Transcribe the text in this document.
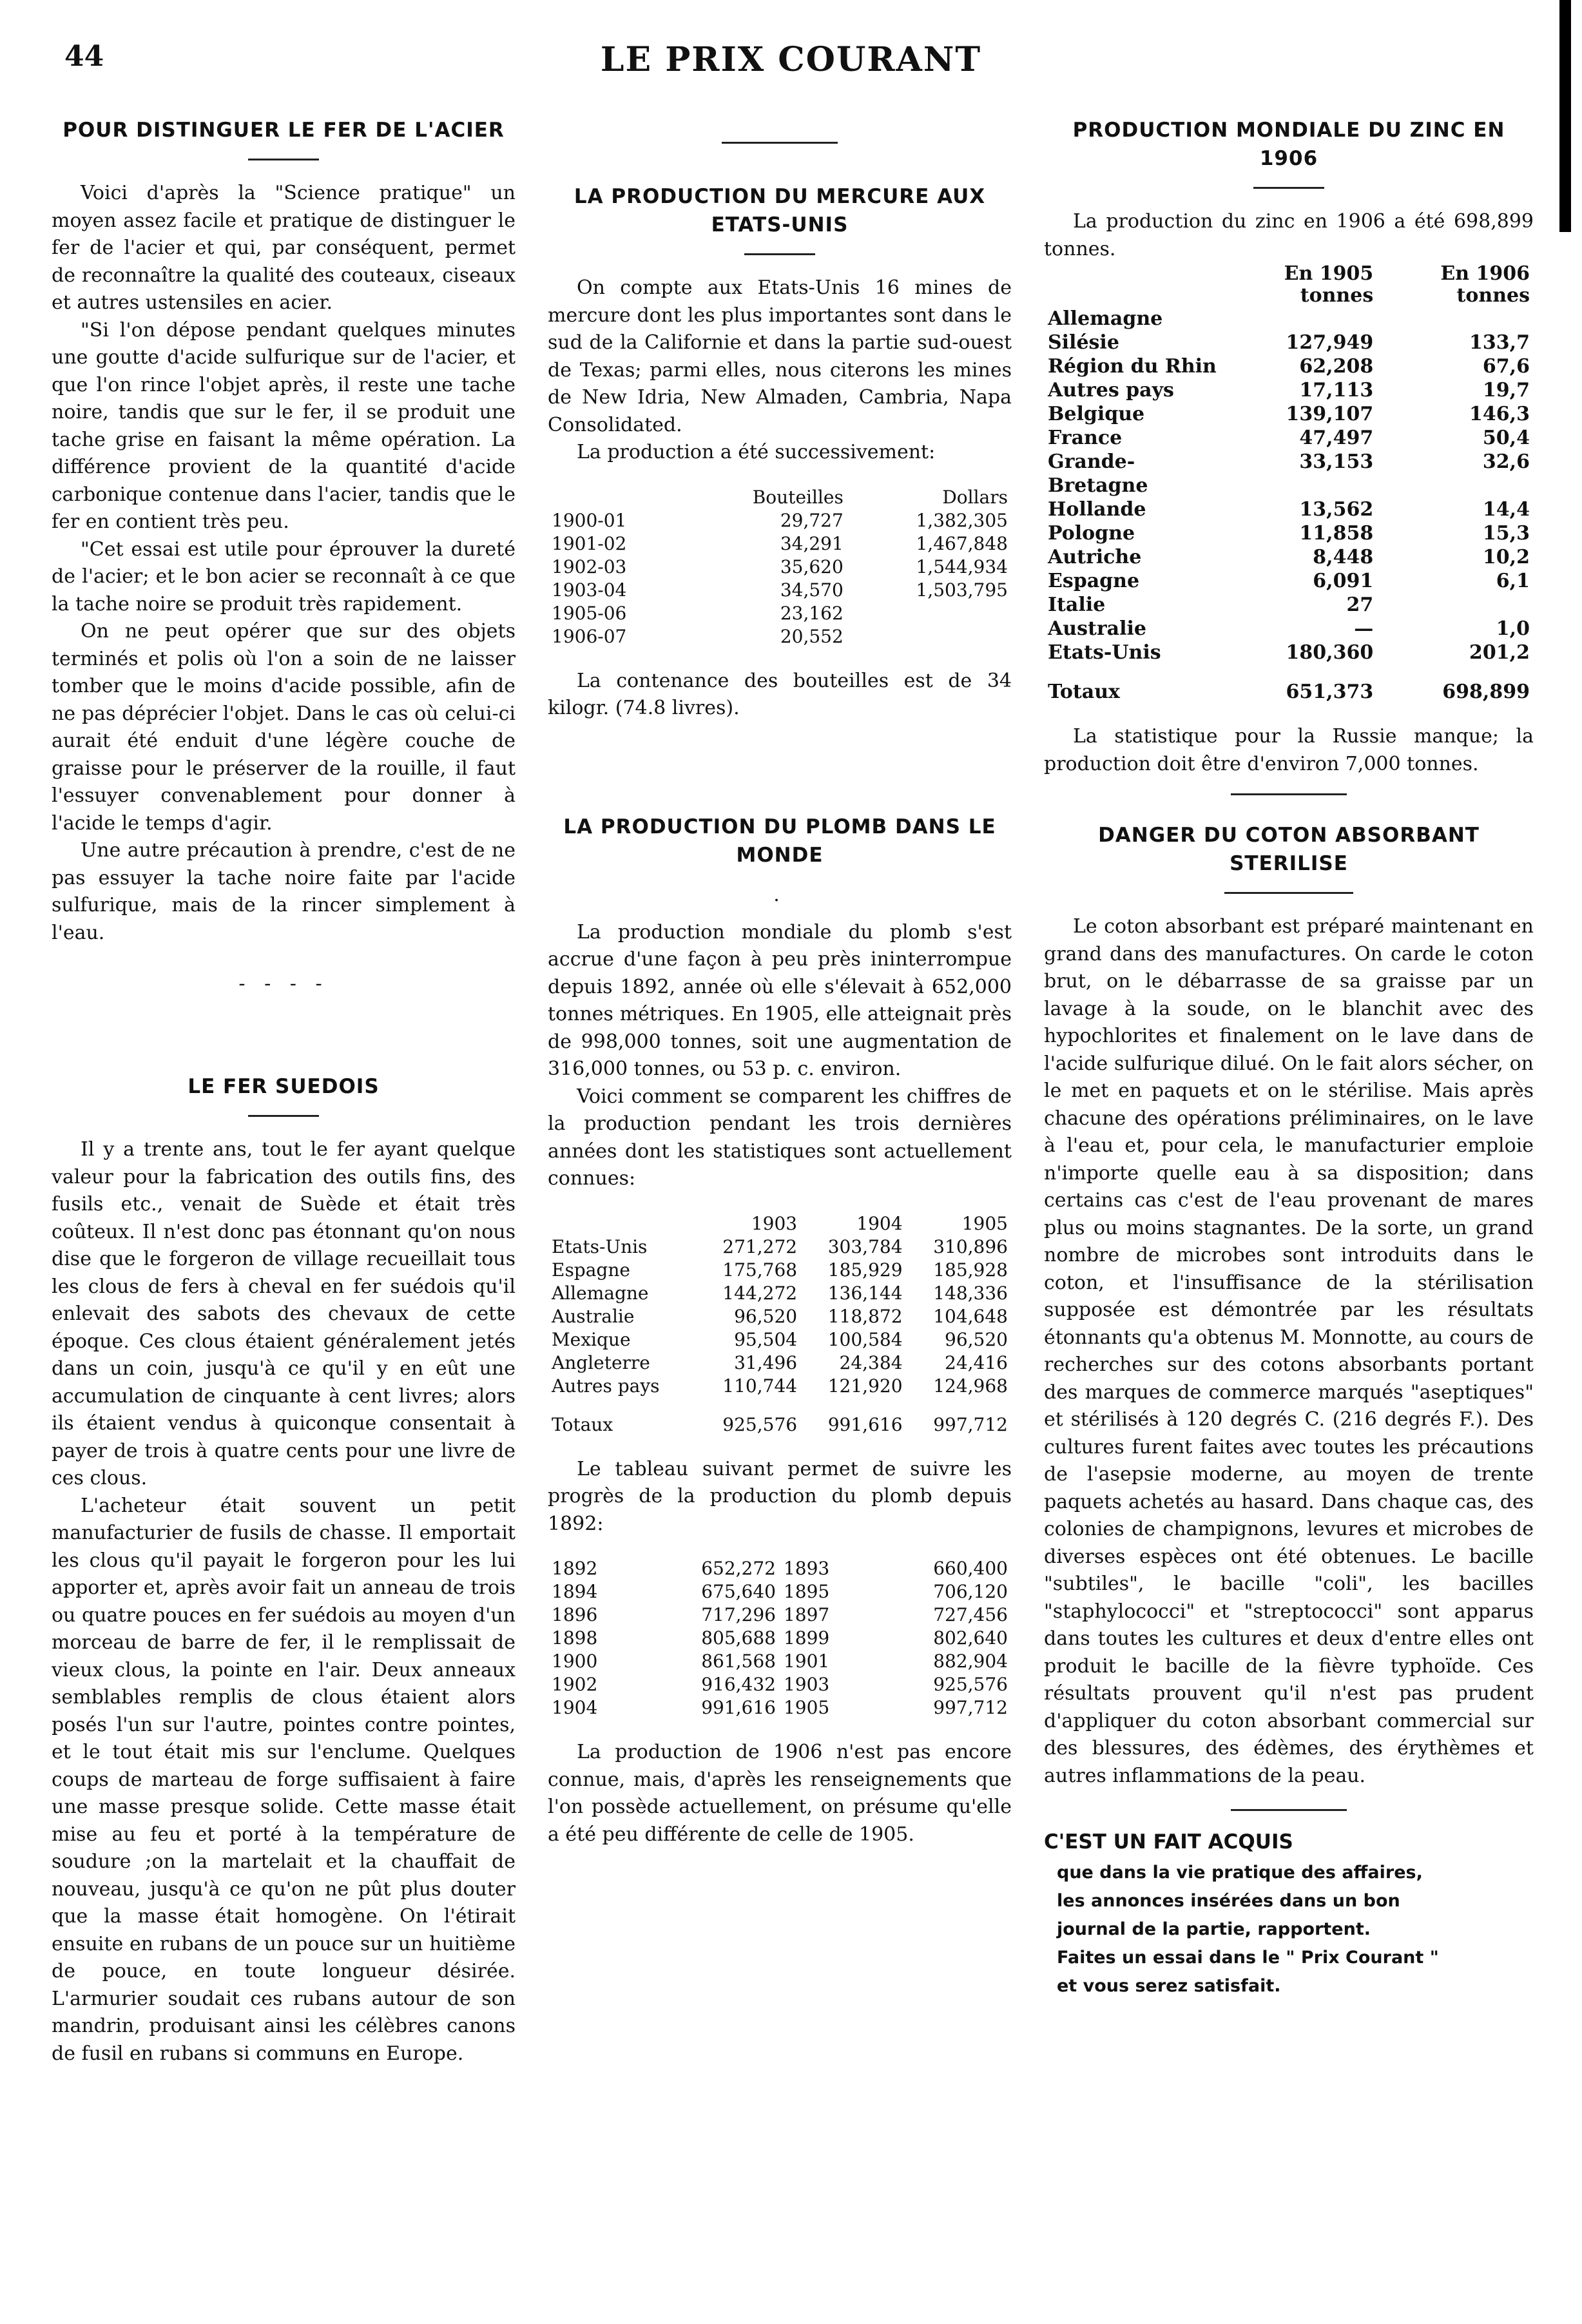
44	LE PRIX COURANT
POUR DISTINGUER LE FER DE L'ACIER

Voici d'après la "Science pratique" un moyen assez facile et pratique de distinguer le fer de l'acier et qui, par conséquent, permet de reconnaître la qualité des couteaux, ciseaux et autres ustensiles en acier.

"Si l'on dépose pendant quelques minutes une goutte d'acide sulfurique sur de l'acier, et que l'on rince l'objet après, il reste une tache noire, tandis que sur le fer, il se produit une tache grise en faisant la même opération. La différence provient de la quantité d'acide carbonique contenue dans l'acier, tandis que le fer en contient très peu.

"Cet essai est utile pour éprouver la dureté de l'acier; et le bon acier se reconnaît à ce que la tache noire se produit très rapidement.

On ne peut opérer que sur des objets terminés et polis où l'on a soin de ne laisser tomber que le moins d'acide possible, afin de ne pas déprécier l'objet. Dans le cas où celui-ci aurait été enduit d'une légère couche de graisse pour le préserver de la rouille, il faut l'essuyer convenablement pour donner à l'acide le temps d'agir.

Une autre précaution à prendre, c'est de ne pas essuyer la tache noire faite par l'acide sulfurique, mais de la rincer simplement à l'eau.

- - - -
LE FER SUEDOIS

Il y a trente ans, tout le fer ayant quelque valeur pour la fabrication des outils fins, des fusils etc., venait de Suède et était très coûteux. Il n'est donc pas étonnant qu'on nous dise que le forgeron de village recueillait tous les clous de fers à cheval en fer suédois qu'il enlevait des sabots des chevaux de cette époque. Ces clous étaient généralement jetés dans un coin, jusqu'à ce qu'il y en eût une accumulation de cinquante à cent livres; alors ils étaient vendus à quiconque consentait à payer de trois à quatre cents pour une livre de ces clous.

L'acheteur était souvent un petit manufacturier de fusils de chasse. Il emportait les clous qu'il payait le forgeron pour les lui apporter et, après avoir fait un anneau de trois ou quatre pouces en fer suédois au moyen d'un morceau de barre de fer, il le remplissait de vieux clous, la pointe en l'air. Deux anneaux semblables remplis de clous étaient alors posés l'un sur l'autre, pointes contre pointes, et le tout était mis sur l'enclume. Quelques coups de marteau de forge suffisaient à faire une masse presque solide. Cette masse était mise au feu et porté à la température de soudure ;on la martelait et la chauffait de nouveau, jusqu'à ce qu'on ne pût plus douter que la masse était homogène. On l'étirait ensuite en rubans de un pouce sur un huitième de pouce, en toute longueur désirée. L'armurier soudait ces rubans autour de son mandrin, produisant ainsi les célèbres canons de fusil en rubans si communs en Europe.

LA PRODUCTION DU MERCURE AUX ETATS-UNIS

On compte aux Etats-Unis 16 mines de mercure dont les plus importantes sont dans le sud de la Californie et dans la partie sud-ouest de Texas; parmi elles, nous citerons les mines de New Idria, New Almaden, Cambria, Napa Consolidated.

La production a été successivement:

	Bouteilles	Dollars
1900-01	29,727	1,382,305
1901-02	34,291	1,467,848
1902-03	35,620	1,544,934
1903-04	34,570	1,503,795
1905-06	23,162	
1906-07	20,552	

La contenance des bouteilles est de 34 kilogr. (74.8 livres).

LA PRODUCTION DU PLOMB DANS LE MONDE
.

La production mondiale du plomb s'est accrue d'une façon à peu près ininterrompue depuis 1892, année où elle s'élevait à 652,000 tonnes métriques. En 1905, elle atteignait près de 998,000 tonnes, soit une augmentation de 316,000 tonnes, ou 53 p. c. environ.

Voici comment se comparent les chiffres de la production pendant les trois dernières années dont les statistiques sont actuellement connues:

	1903	1904	1905
Etats-Unis	271,272	303,784	310,896
Espagne	175,768	185,929	185,928
Allemagne	144,272	136,144	148,336
Australie	96,520	118,872	104,648
Mexique	95,504	100,584	96,520
Angleterre	31,496	24,384	24,416
Autres pays	110,744	121,920	124,968
Totaux	925,576	991,616	997,712

Le tableau suivant permet de suivre les progrès de la production du plomb depuis 1892:

1892	652,272	1893	660,400
1894	675,640	1895	706,120
1896	717,296	1897	727,456
1898	805,688	1899	802,640
1900	861,568	1901	882,904
1902	916,432	1903	925,576
1904	991,616	1905	997,712

La production de 1906 n'est pas encore connue, mais, d'après les renseignements que l'on possède actuellement, on présume qu'elle a été peu différente de celle de 1905.

PRODUCTION MONDIALE DU ZINC EN 1906

La production du zinc en 1906 a été 698,899 tonnes.

	En 1905 tonnes	En 1906 tonnes
Allemagne		
Silésie	127,949	133,7
Région du Rhin	62,208	67,6
Autres pays	17,113	19,7
Belgique	139,107	146,3
France	47,497	50,4
Grande-Bretagne	33,153	32,6
Hollande	13,562	14,4
Pologne	11,858	15,3
Autriche	8,448	10,2
Espagne	6,091	6,1
Italie	27	
Australie	—	1,0
Etats-Unis	180,360	201,2
Totaux	651,373	698,899

La statistique pour la Russie manque; la production doit être d'environ 7,000 tonnes.

DANGER DU COTON ABSORBANT STERILISE

Le coton absorbant est préparé maintenant en grand dans des manufactures. On carde le coton brut, on le débarrasse de sa graisse par un lavage à la soude, on le blanchit avec des hypochlorites et finalement on le lave dans de l'acide sulfurique dilué. On le fait alors sécher, on le met en paquets et on le stérilise. Mais après chacune des opérations préliminaires, on le lave à l'eau et, pour cela, le manufacturier emploie n'importe quelle eau à sa disposition; dans certains cas c'est de l'eau provenant de mares plus ou moins stagnantes. De la sorte, un grand nombre de microbes sont introduits dans le coton, et l'insuffisance de la stérilisation supposée est démontrée par les résultats étonnants qu'a obtenus M. Monnotte, au cours de recherches sur des cotons absorbants portant des marques de commerce marqués "aseptiques" et stérilisés à 120 degrés C. (216 degrés F.). Des cultures furent faites avec toutes les précautions de l'asepsie moderne, au moyen de trente paquets achetés au hasard. Dans chaque cas, des colonies de champignons, levures et microbes de diverses espèces ont été obtenues. Le bacille "subtiles", le bacille "coli", les bacilles "staphylococci" et "streptococci" sont apparus dans toutes les cultures et deux d'entre elles ont produit le bacille de la fièvre typhoïde. Ces résultats prouvent qu'il n'est pas prudent d'appliquer du coton absorbant commercial sur des blessures, des édèmes, des érythèmes et autres inflammations de la peau.

C'EST UN FAIT ACQUIS
que dans la vie pratique des affaires,
les annonces insérées dans un bon
journal de la partie, rapportent.
Faites un essai dans le " Prix Courant "
et vous serez satisfait.
